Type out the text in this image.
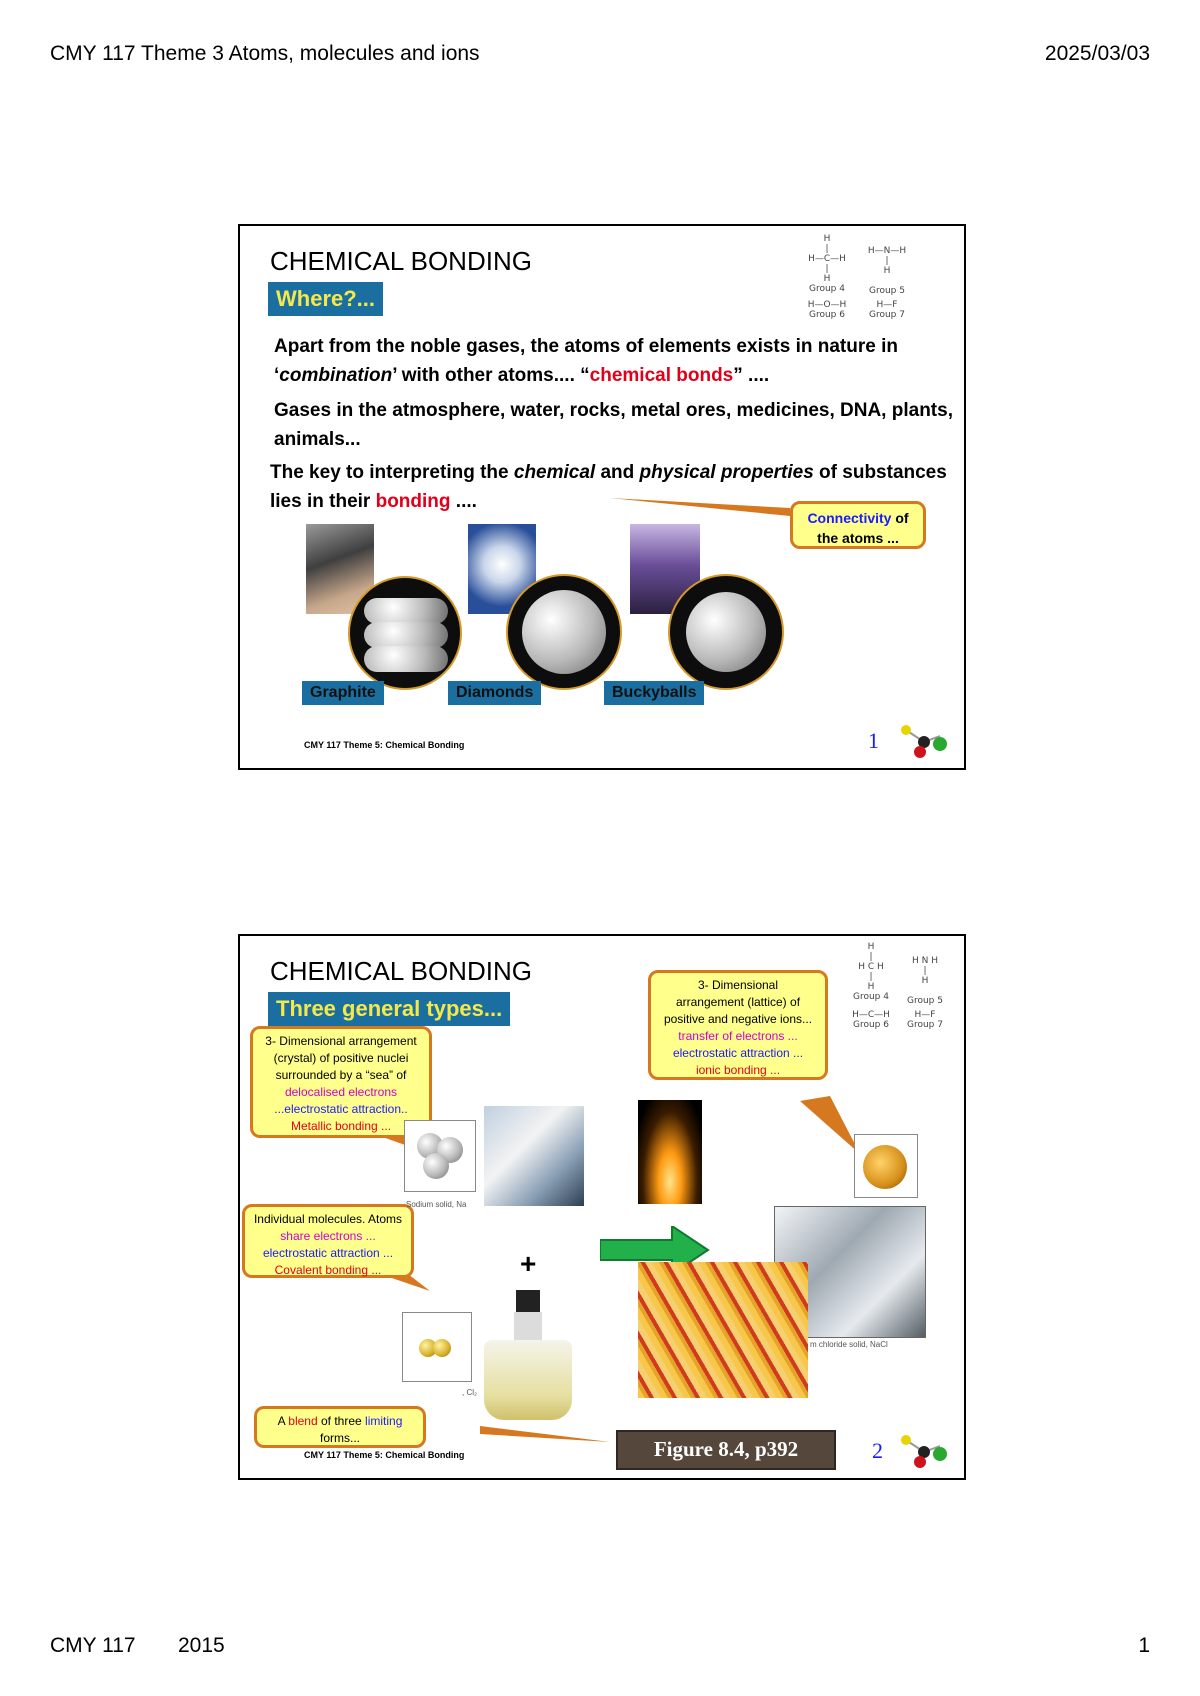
CMY 117 Theme 3 Atoms, molecules and ions	2025/03/03
CHEMICAL BONDING
Where?...
H
|
H—C—H
|
H
Group 4
H—N—H
|
H

Group 5
H—O—H
Group 6
H—F
Group 7
Apart from the noble gases, the atoms of elements exists in nature in ‘combination’ with other atoms.... “chemical bonds” ....
Gases in the atmosphere, water, rocks, metal ores, medicines, DNA, plants, animals...
The key to interpreting the chemical and physical properties of substances lies in their bonding ....
Connectivity of
the atoms ...
Graphite	Diamonds	Buckyballs
CMY 117 Theme 5: Chemical Bonding	1
CHEMICAL BONDING
Three general types...
H
|
H C H
|
H
Group 4
H N H
|
H

Group 5
H—C—H
Group 6
H—F
Group 7
3- Dimensional arrangement
(crystal) of positive nuclei
surrounded by a “sea” of
delocalised electrons
...electrostatic attraction..
Metallic bonding ...
3- Dimensional
arrangement (lattice) of
positive and negative ions...
transfer of electrons ...
electrostatic attraction ...
ionic bonding ...
Individual molecules. Atoms
share electrons ...
electrostatic attraction ...
Covalent bonding ...
Sodium solid, Na
+
, Cl₂
m chloride solid, NaCl
A blend of three limiting
forms...	Figure 8.4, p392
CMY 117 Theme 5: Chemical Bonding	2
CMY 117 2015	1
